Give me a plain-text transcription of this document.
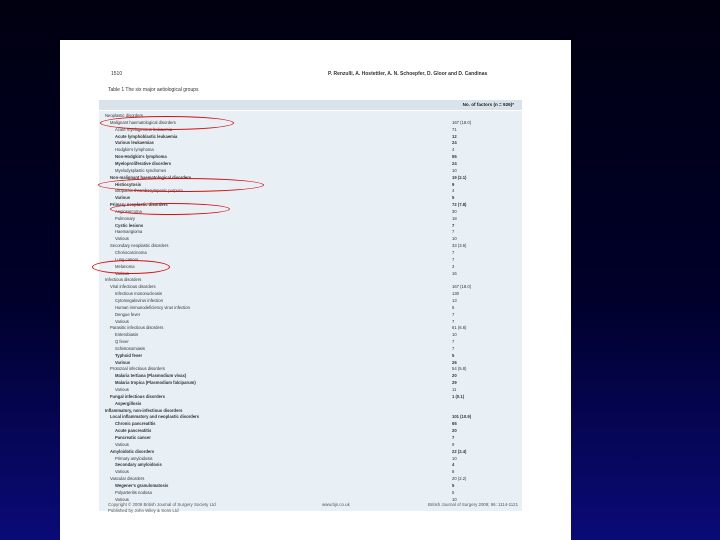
1510	P. Renzulli, A. Hostettler, A. N. Schoepfer, D. Gloor and D. Candinas
Table 1 The six major aetiological groups
No. of factors (n = 926)*
Neoplastic disorders
Malignant haematological disorders	167 (18.0)
Acute myelogenous leukaemia	71
Acute lymphoblastic leukaemia	12
Various leukaemias	24
Hodgkin's lymphoma	4
Non-Hodgkin's lymphoma	55
Myeloproliferative disorders	24
Myelodysplastic syndromes	10
Non-malignant haematological disorders	19 (2.1)
Histiocytosis	9
Idiopathic thrombocytopenic purpura	4
Various	5
Primary neoplastic disorders	72 (7.8)
Angiosarcoma	30
Pulmonary	18
Cystic lesions	7
Haemangioma	7
Various	10
Secondary neoplastic disorders	33 (3.6)
Choriocarcinoma	7
Lung cancer	7
Melanoma	3
Various	16
Infectious disorders
Viral infectious disorders	167 (18.0)
Infectious mononucleosis	130
Cytomegalovirus infection	13
Human immunodeficiency virus infection	6
Dengue fever	7
Various	7
Parasitic infectious disorders	61 (6.6)
Enterobiasis	10
Q fever	7
Schistosomiasis	7
Typhoid fever	5
Various	26
Protozoal infectious disorders	54 (5.8)
Malaria tertiana (Plasmodium vivax)	20
Malaria tropica (Plasmodium falciparum)	29
Various	11
Fungal infectious disorders	1 (0.1)
Aspergillosis
Inflammatory, non-infectious disorders
Local inflammatory and neoplastic disorders	101 (10.9)
Chronic pancreatitis	65
Acute pancreatitis	20
Pancreatic cancer	7
Various	9
Amyloidotic disorders	22 (2.4)
Primary amyloidosis	10
Secondary amyloidosis	4
Various	8
Vascular disorders	20 (2.2)
Wegener's granulomatosis	5
Polyarteritis nodosa	5
Various	10
Copyright © 2009 British Journal of Surgery Society Ltd
Published by John Wiley & Sons Ltd
www.bjs.co.uk	British Journal of Surgery 2009; 96: 1114-1121
